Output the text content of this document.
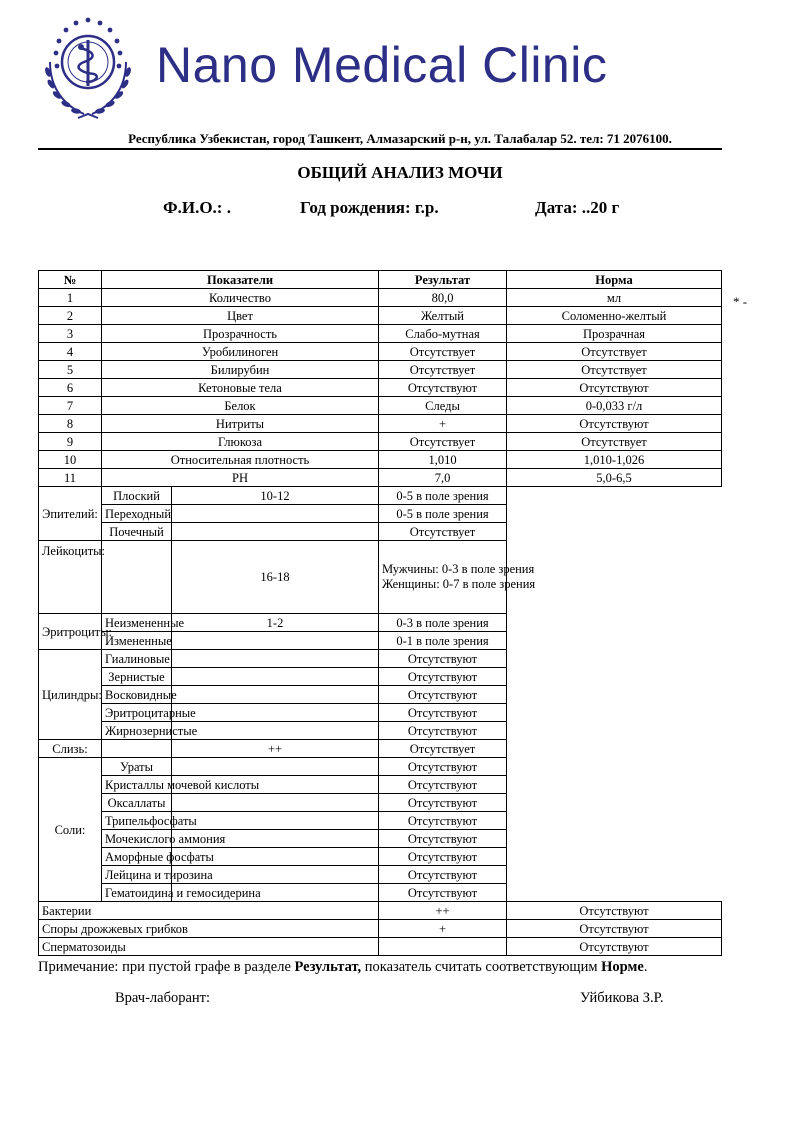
Nano Medical Clinic
Республика Узбекистан, город Ташкент, Алмазарский р-н, ул. Талабалар 52. тел: 71 2076100.
ОБЩИЙ АНАЛИЗ МОЧИ
Ф.И.О.: .	Год рождения: г.р.	Дата: ..20 г
* -
№	Показатели		Результат	Норма
1	Количество		80,0	мл
2	Цвет		Желтый	Соломенно-желтый
3	Прозрачность		Слабо-мутная	Прозрачная
4	Уробилиноген		Отсутствует	Отсутствует
5	Билирубин		Отсутствует	Отсутствует
6	Кетоновые тела		Отсутствуют	Отсутствуют
7	Белок		Следы	0-0,033 г/л
8	Нитриты		+	Отсутствуют
9	Глюкоза		Отсутствует	Отсутствует
10	Относительная плотность		1,010	1,010-1,026
11	PH		7,0	5,0-6,5
Эпителий:	Плоский	10-12	0-5 в поле зрения	
	Переходный		0-5 в поле зрения	
	Почечный		Отсутствует	
Лейкоциты:		16-18	Мужчины: 0-3 в поле зрения
Женщины: 0-7 в поле зрения	

Эритроциты:	Неизмененные	1-2	0-3 в поле зрения	
	Измененные		0-1 в поле зрения	
Цилиндры:	Гиалиновые		Отсутствуют	
	Зернистые		Отсутствуют	
	Восковидные		Отсутствуют	
	Эритроцитарные		Отсутствуют	
	Жирнозернистые		Отсутствуют	
Слизь:		++	Отсутствует	
Соли:	Ураты		Отсутствуют	
	Кристаллы мочевой кислоты		Отсутствуют	
	Оксаллаты		Отсутствуют	
	Трипельфосфаты		Отсутствуют	
	Мочекислого аммония		Отсутствуют	
	Аморфные фосфаты		Отсутствуют	
	Лейцина и тирозина		Отсутствуют	
	Гематоидина и гемосидерина		Отсутствуют	
Бактерии			++	Отсутствуют
Споры дрожжевых грибков			+	Отсутствуют
Сперматозоиды				Отсутствуют
Примечание: при пустой графе в разделе Результат, показатель считать соответствующим Норме.
Врач-лаборант:	Уйбикова З.Р.
